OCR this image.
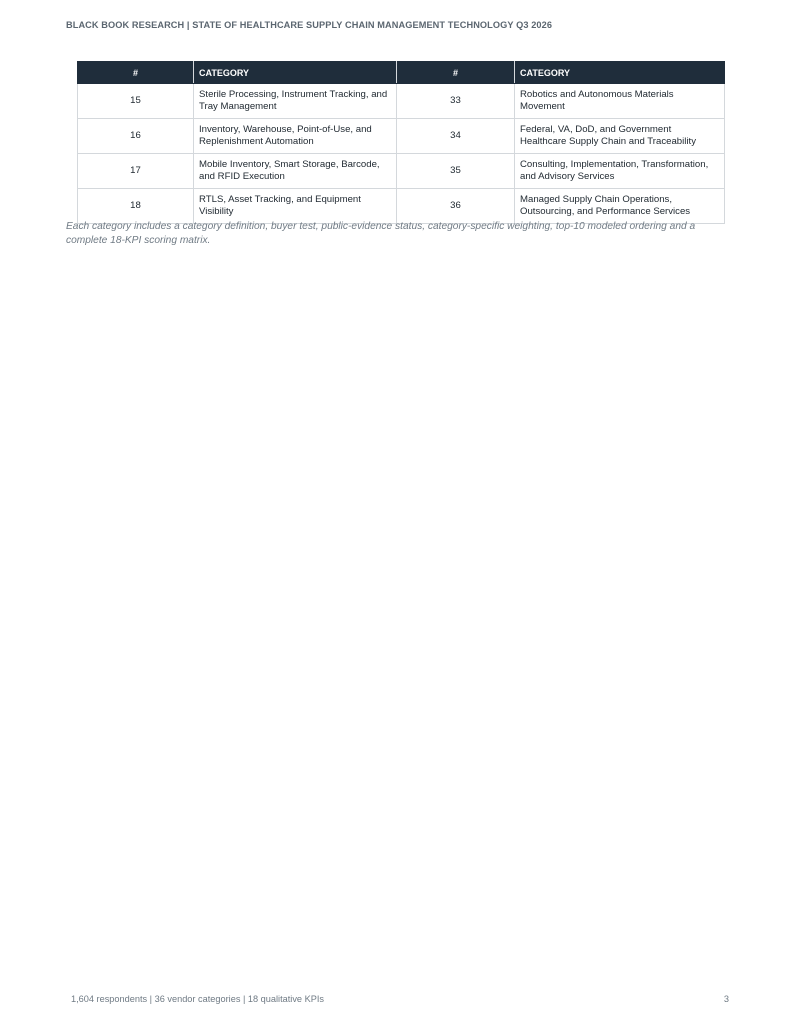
BLACK BOOK RESEARCH | STATE OF HEALTHCARE SUPPLY CHAIN MANAGEMENT TECHNOLOGY Q3 2026
#	CATEGORY	#	CATEGORY
15	Sterile Processing, Instrument Tracking, and Tray Management	33	Robotics and Autonomous Materials Movement
16	Inventory, Warehouse, Point-of-Use, and Replenishment Automation	34	Federal, VA, DoD, and Government Healthcare Supply Chain and Traceability
17	Mobile Inventory, Smart Storage, Barcode, and RFID Execution	35	Consulting, Implementation, Transformation, and Advisory Services
18	RTLS, Asset Tracking, and Equipment Visibility	36	Managed Supply Chain Operations, Outsourcing, and Performance Services
Each category includes a category definition, buyer test, public-evidence status, category-specific weighting, top-10 modeled ordering and a complete 18-KPI scoring matrix.
1,604 respondents | 36 vendor categories | 18 qualitative KPIs	3
